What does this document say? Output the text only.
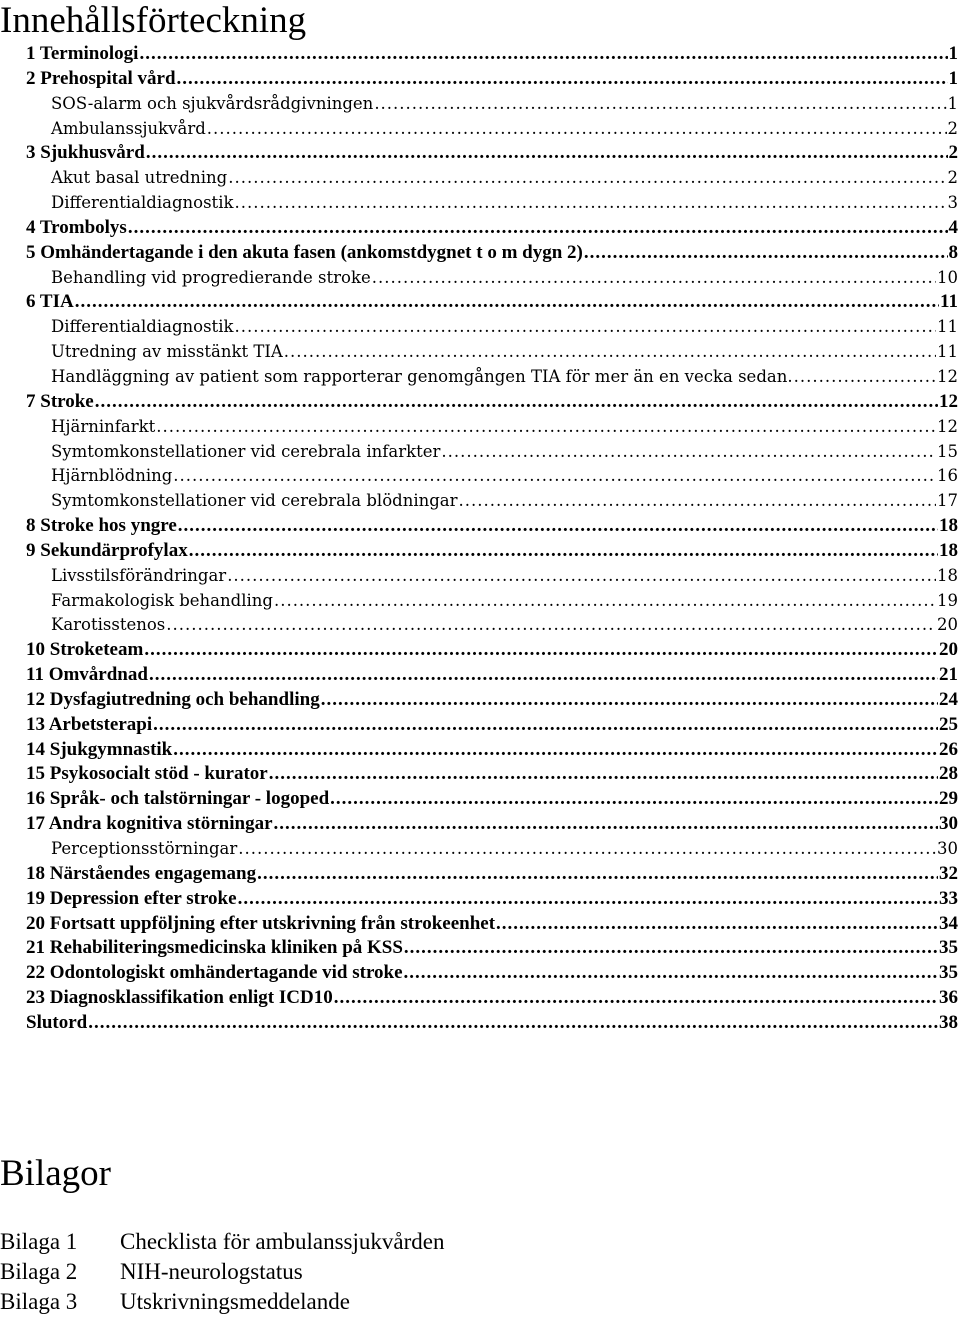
Innehållsförteckning
1 Terminologi .....	1
2 Prehospital vård .....	1
SOS-alarm och sjukvårdsrådgivningen .....	1
Ambulanssjukvård .....	2
3 Sjukhusvård .....	2
Akut basal utredning .....	2
Differentialdiagnostik .....	3
4 Trombolys .....	4
5 Omhändertagande i den akuta fasen (ankomstdygnet t o m dygn 2) .....	8
Behandling vid progredierande stroke .....	10
6 TIA .....	11
Differentialdiagnostik .....	11
Utredning av misstänkt TIA .....	11
Handläggning av patient som rapporterar genomgången TIA för mer än en vecka sedan. .....	12
7 Stroke .....	12
Hjärninfarkt .....	12
Symtomkonstellationer vid cerebrala infarkter .....	15
Hjärnblödning .....	16
Symtomkonstellationer vid cerebrala blödningar .....	17
8 Stroke hos yngre .....	18
9 Sekundärprofylax .....	18
Livsstilsförändringar .....	18
Farmakologisk behandling .....	19
Karotisstenos .....	20
10 Stroketeam .....	20
11 Omvårdnad .....	21
12 Dysfagiutredning och behandling .....	24
13 Arbetsterapi .....	25
14 Sjukgymnastik .....	26
15 Psykosocialt stöd - kurator .....	28
16 Språk- och talstörningar - logoped .....	29
17 Andra kognitiva störningar .....	30
Perceptionsstörningar .....	30
18 Närståendes engagemang .....	32
19 Depression efter stroke .....	33
20 Fortsatt uppföljning efter utskrivning från strokeenhet .....	34
21 Rehabiliteringsmedicinska kliniken på KSS .....	35
22 Odontologiskt omhändertagande vid stroke .....	35
23 Diagnosklassifikation enligt ICD10 .....	36
Slutord .....	38
Bilagor
Bilaga 1	Checklista för ambulanssjukvården
Bilaga 2	NIH-neurologstatus
Bilaga 3	Utskrivningsmeddelande
